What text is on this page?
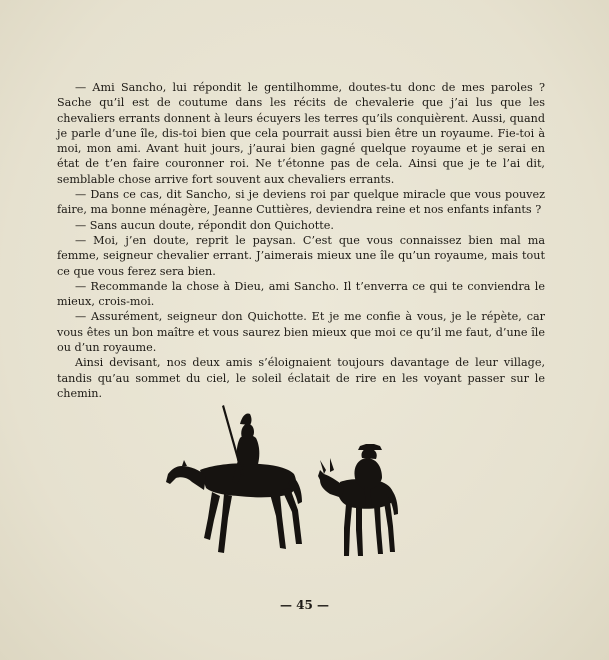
— Ami Sancho, lui répondit le gentilhomme, doutes-tu donc de mes paroles ? Sache qu’il est de coutume dans les récits de chevalerie que j’ai lus que les chevaliers errants donnent à leurs écuyers les terres qu’ils conquièrent. Aussi, quand je parle d’une île, dis-toi bien que cela pourrait aussi bien être un royaume. Fie-toi à moi, mon ami. Avant huit jours, j’aurai bien gagné quelque royaume et je serai en état de t’en faire couronner roi. Ne t’étonne pas de cela. Ainsi que je te l’ai dit, semblable chose arrive fort souvent aux chevaliers errants.

— Dans ce cas, dit Sancho, si je deviens roi par quelque miracle que vous pouvez faire, ma bonne ménagère, Jeanne Cuttières, deviendra reine et nos enfants infants ?

— Sans aucun doute, répondit don Quichotte.

— Moi, j’en doute, reprit le paysan. C’est que vous connaissez bien mal ma femme, seigneur chevalier errant. J’aimerais mieux une île qu’un royaume, mais tout ce que vous ferez sera bien.

— Recommande la chose à Dieu, ami Sancho. Il t’enverra ce qui te conviendra le mieux, crois-moi.

— Assurément, seigneur don Quichotte. Et je me confie à vous, je le répète, car vous êtes un bon maître et vous saurez bien mieux que moi ce qu’il me faut, d’une île ou d’un royaume.

Ainsi devisant, nos deux amis s’éloignaient toujours davantage de leur village, tandis qu’au sommet du ciel, le soleil éclatait de rire en les voyant passer sur le chemin.

— 45 —
